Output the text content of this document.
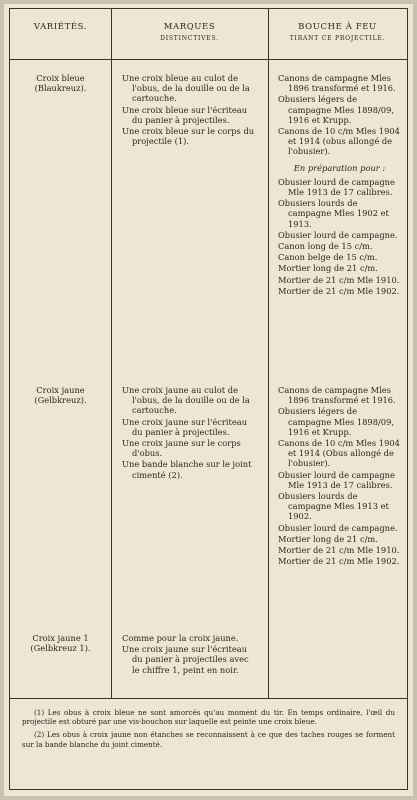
VARIÉTÉS.	MARQUES
DISTINCTIVES.
BOUCHE À FEU
TIRANT CE PROJECTILE.
Croix bleue
(Blaukreuz).
Une croix bleue au culot de l'obus, de la douille ou de la cartouche.
Une croix bleue sur l'écriteau du panier à projectiles.
Une croix bleue sur le corps du projectile (1).
Canons de campagne Mles 1896 transformé et 1916.
Obusiers légers de campagne Mles 1898/09, 1916 et Krupp.
Canons de 10 c/m Mles 1904 et 1914 (obus allongé de l'obusier).
En préparation pour :
Obusier lourd de campagne Mle 1913 de 17 calibres.
Obusiers lourds de campagne Mles 1902 et 1913.
Obusier lourd de campagne.
Canon long de 15 c/m.
Canon belge de 15 c/m.
Mortier long de 21 c/m.
Mortier de 21 c/m Mle 1910.
Mortier de 21 c/m Mle 1902.
Croix jaune
(Gelbkreuz).
Une croix jaune au culot de l'obus, de la douille ou de la cartouche.
Une croix jaune sur l'écriteau du panier à projectiles.
Une croix jaune sur le corps d'obus.
Une bande blanche sur le joint cimenté (2).
Canons de campagne Mles 1896 transformé et 1916.
Obusiers légers de campagne Mles 1898/09, 1916 et Krupp.
Canons de 10 c/m Mles 1904 et 1914 (Obus allongé de l'obusier).
Obusier lourd de campagne Mle 1913 de 17 calibres.
Obusiers lourds de campagne Mles 1913 et 1902.
Obusier lourd de campagne.
Mortier long de 21 c/m.
Mortier de 21 c/m Mle 1910.
Mortier de 21 c/m Mle 1902.
Croix jaune 1
(Gelbkreuz 1).
Comme pour la croix jaune.
Une croix jaune sur l'écriteau du panier à projectiles avec le chiffre 1, peint en noir.

(1) Les obus à croix bleue ne sont amorcés qu'au moment du tir. En temps ordinaire, l'œil du projectile est obturé par une vis-bouchon sur laquelle est peinte une croix bleue.

(2) Les obus à croix jaune non étanches se reconnaissent à ce que des taches rouges se forment sur la bande blanche du joint cimenté.
